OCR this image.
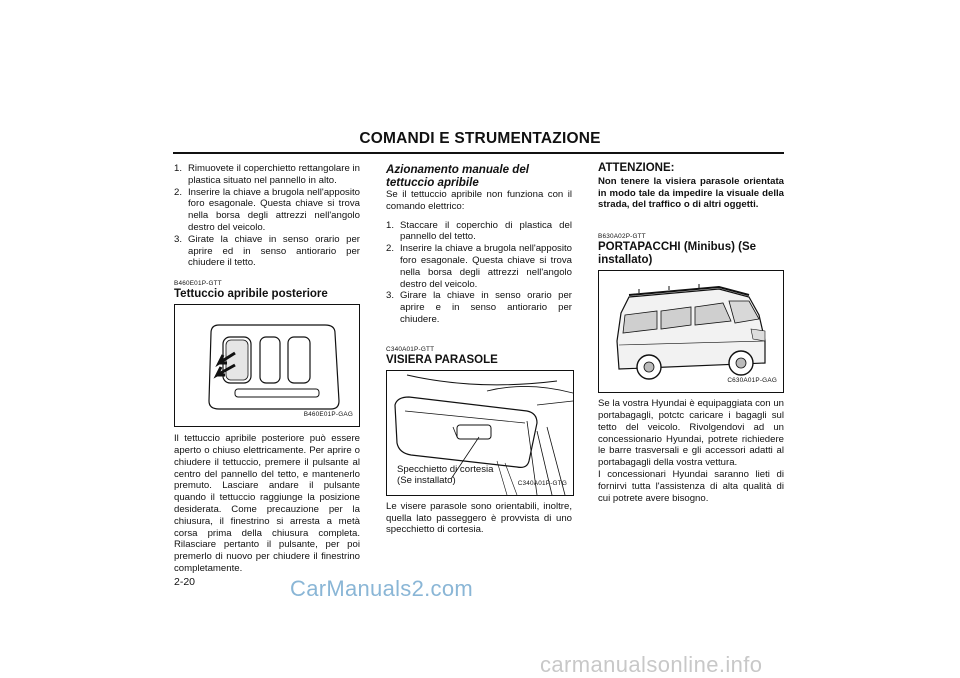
COMANDI E STRUMENTAZIONE
1. Rimuovete il coperchietto rettangolare in plastica situato nel pannello in alto.
2. Inserire la chiave a brugola nell'apposito foro esagonale. Questa chiave si trova nella borsa degli attrezzi nell'angolo destro del veicolo.
3. Girate la chiave in senso orario per aprire ed in senso antiorario per chiudere il tetto.

B460E01P-GTT

Tettuccio apribile posteriore

B460E01P-GAG

Il tettuccio apribile posteriore può essere aperto o chiuso elettricamente. Per aprire o chiudere il tettuccio, premere il pulsante al centro del pannello del tetto, e mantenerlo premuto. Lasciare andare il pulsante quando il tettuccio raggiunge la posizione desiderata. Come precauzione per la chiusura, il finestrino si arresta a metà corsa prima della chiusura completa. Rilasciare pertanto il pulsante, per poi premerlo di nuovo per chiudere il finestrino completamente.

2-20

Azionamento manuale del tettuccio apribile

Se il tettuccio apribile non funziona con il comando elettrico:

1. Staccare il coperchio di plastica del pannello del tetto.
2. Inserire la chiave a brugola nell'apposito foro esagonale. Questa chiave si trova nella borsa degli attrezzi nell'angolo destro del veicolo.
3. Girare la chiave in senso orario per aprire e in senso antiorario per chiudere.

C340A01P-GTT

VISIERA PARASOLE

Specchietto di cortesia
(Se installato)	C340A01P-GTG

Le visere parasole sono orientabili, inoltre, quella lato passeggero è provvista di uno specchietto di cortesia.

ATTENZIONE:

Non tenere la visiera parasole orientata in modo tale da impedire la visuale della strada, del traffico o di altri oggetti.

B630A02P-GTT

PORTAPACCHI (Minibus) (Se installato)

C630A01P-GAG

Se la vostra Hyundai è equipaggiata con un portabagagli, potctc caricare i bagagli sul tetto del veicolo. Rivolgendovi ad un concessionario Hyundai, potrete richiedere le barre trasversali e gli accessori adatti al portabagagli della vostra vettura.

I concessionari Hyundai saranno lieti di fornirvi tutta l'assistenza di alta qualità di cui potrete avere bisogno.

CarManuals2.com
carmanualsonline.info
